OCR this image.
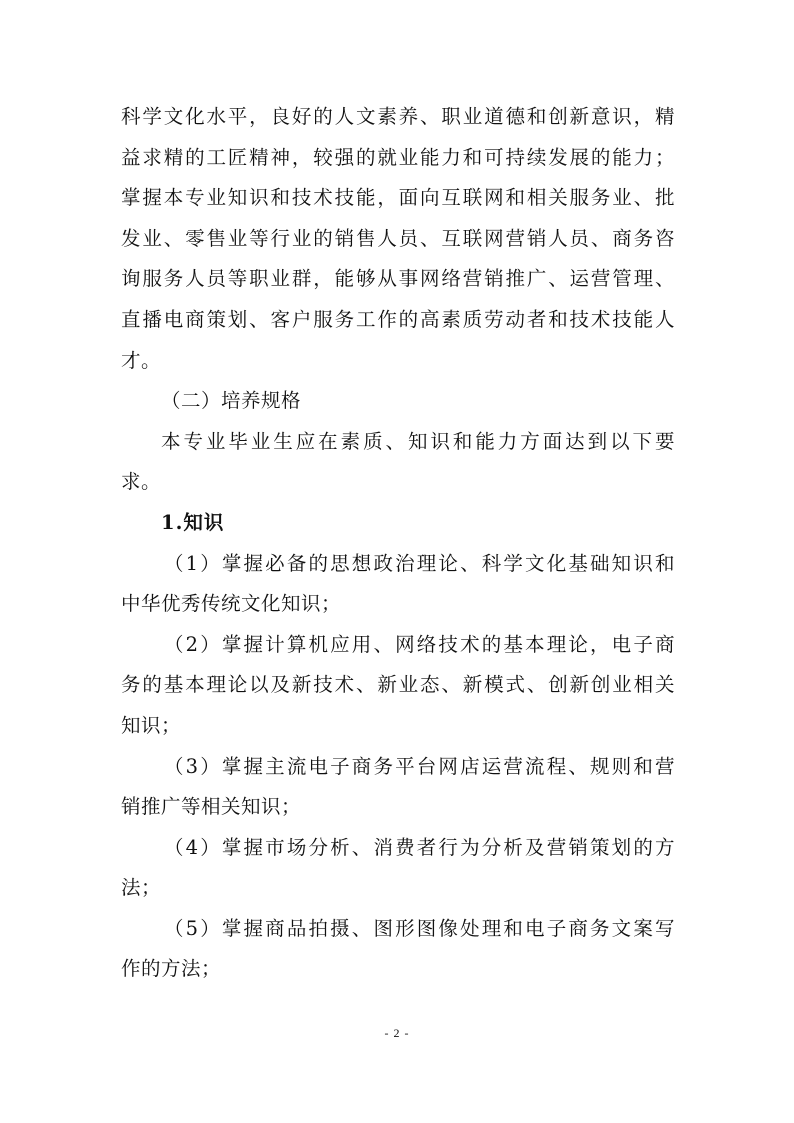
科学文化水平，良好的人文素养、职业道德和创新意识，精
益求精的工匠精神，较强的就业能力和可持续发展的能力；
掌握本专业知识和技术技能，面向互联网和相关服务业、批
发业、零售业等行业的销售人员、互联网营销人员、商务咨
询服务人员等职业群，能够从事网络营销推广、运营管理、
直播电商策划、客户服务工作的高素质劳动者和技术技能人
才。
（二）培养规格
本专业毕业生应在素质、知识和能力方面达到以下要
求。
1.知识
（1）掌握必备的思想政治理论、科学文化基础知识和
中华优秀传统文化知识；
（2）掌握计算机应用、网络技术的基本理论，电子商
务的基本理论以及新技术、新业态、新模式、创新创业相关
知识；
（3）掌握主流电子商务平台网店运营流程、规则和营
销推广等相关知识；
（4）掌握市场分析、消费者行为分析及营销策划的方
法；
（5）掌握商品拍摄、图形图像处理和电子商务文案写
作的方法；
- 2 -
